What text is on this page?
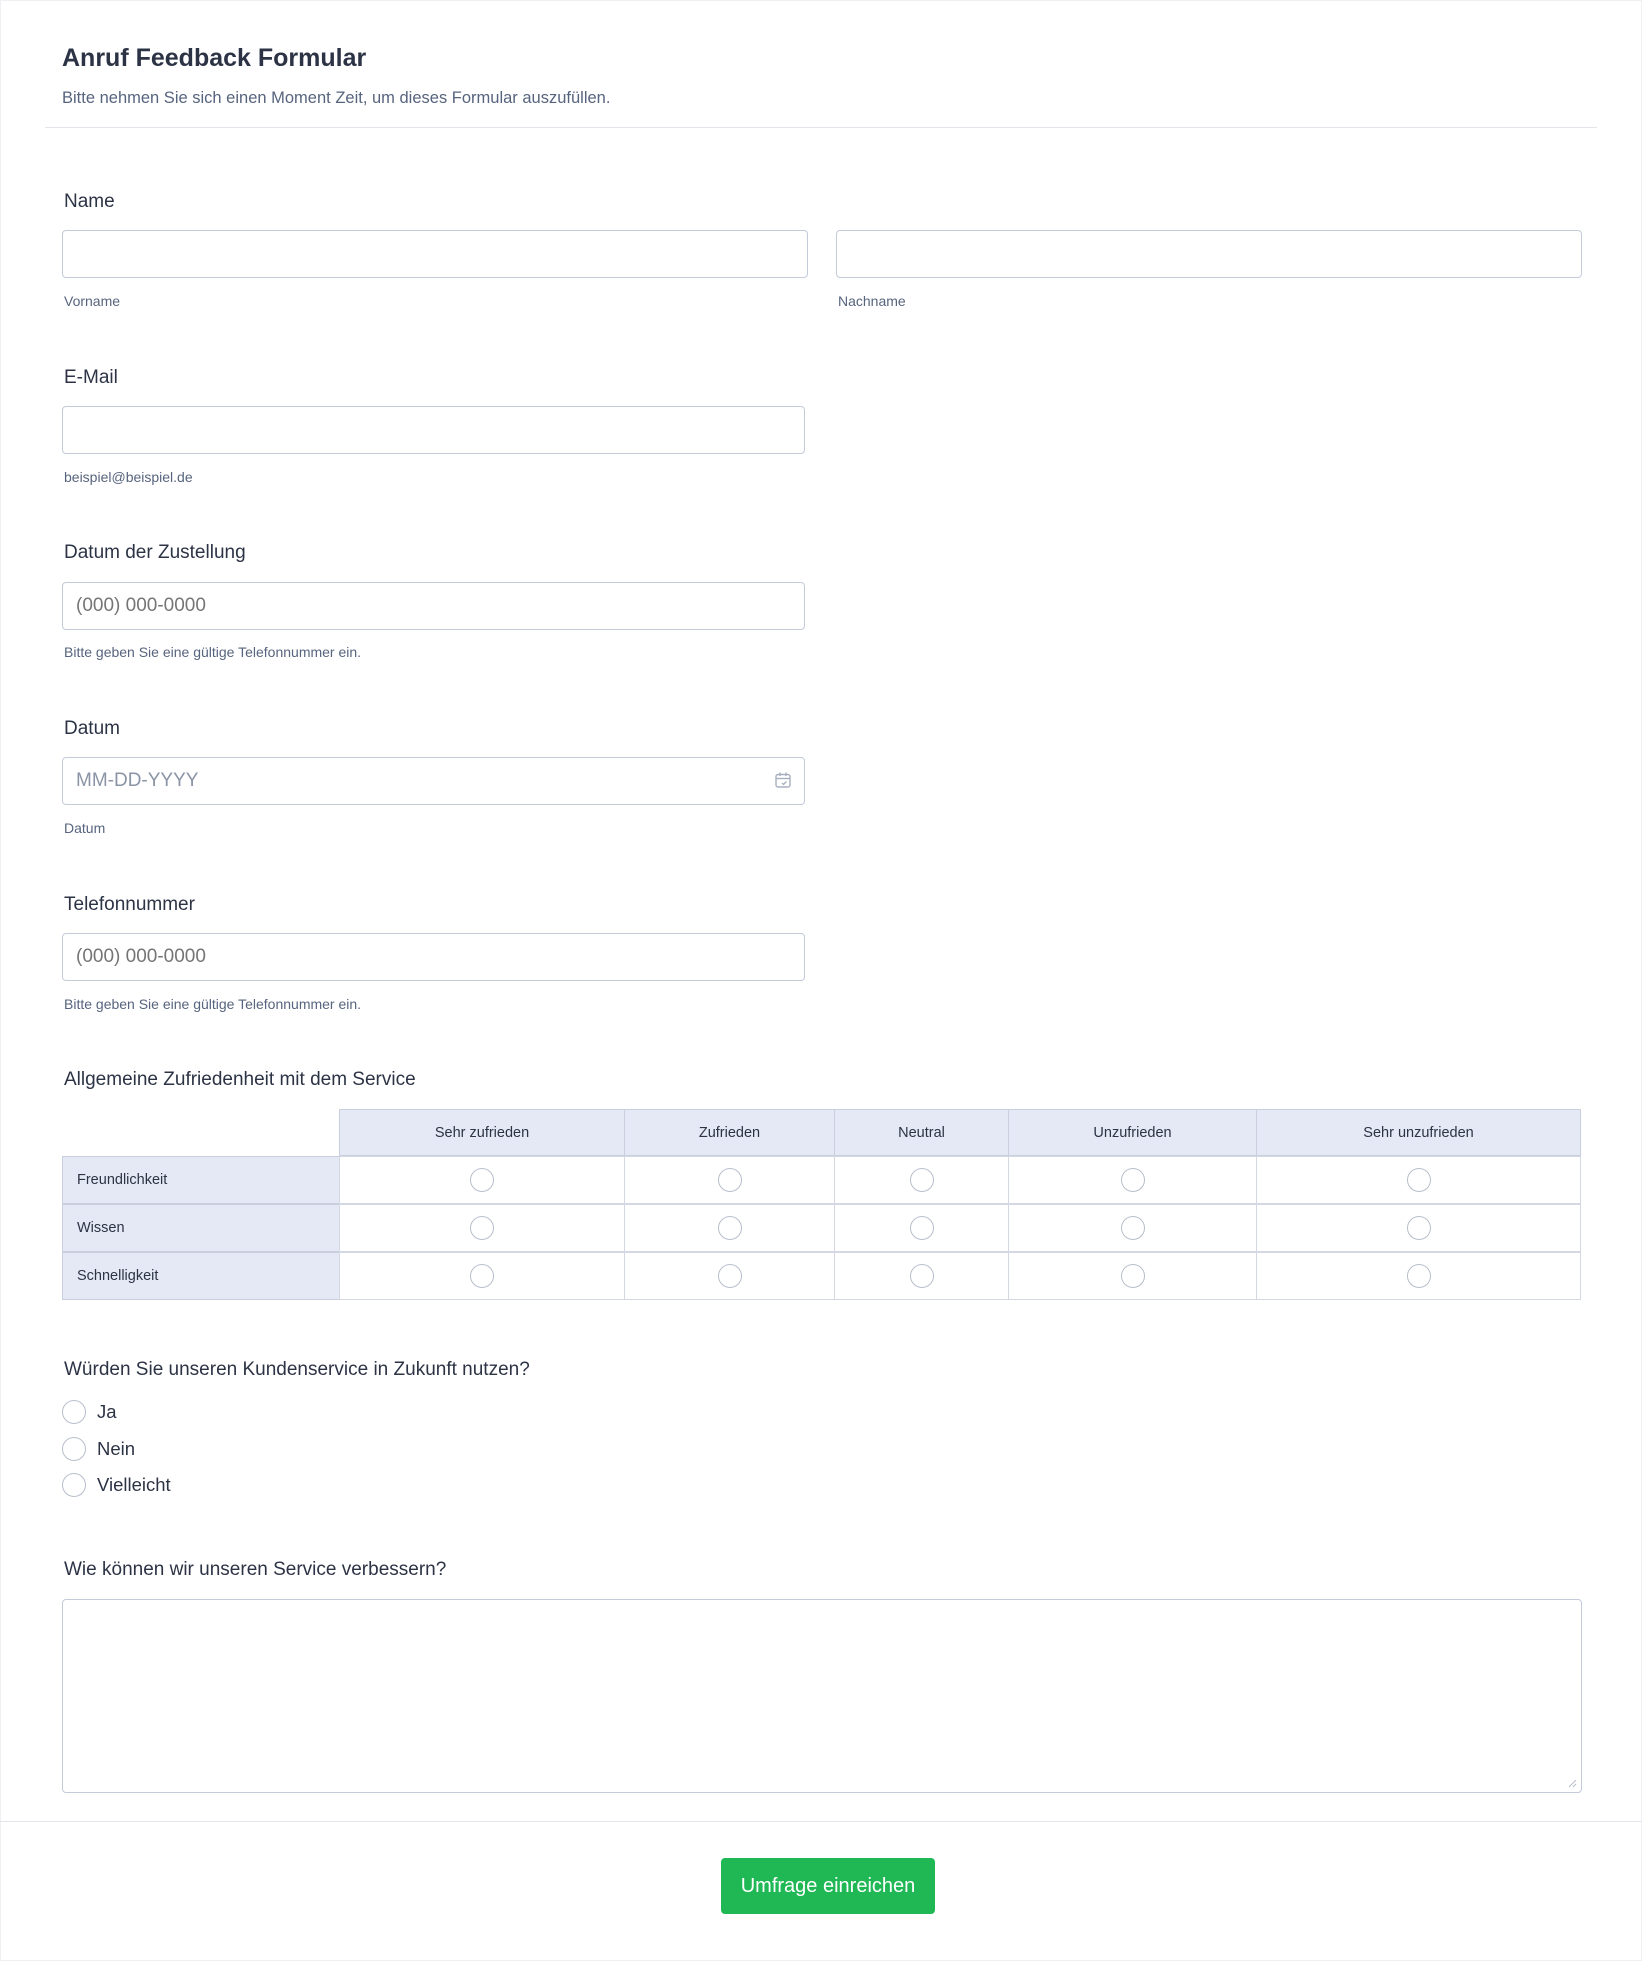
Anruf Feedback Formular
Bitte nehmen Sie sich einen Moment Zeit, um dieses Formular auszufüllen.
Name
Vorname	Nachname
E-Mail
beispiel@beispiel.de
Datum der Zustellung
(000) 000-0000
Bitte geben Sie eine gültige Telefonnummer ein.
Datum
MM-DD-YYYY
Datum
Telefonnummer
(000) 000-0000
Bitte geben Sie eine gültige Telefonnummer ein.
Allgemeine Zufriedenheit mit dem Service
Sehr zufrieden	Zufrieden	Neutral	Unzufrieden	Sehr unzufrieden
Freundlichkeit
Wissen
Schnelligkeit
Würden Sie unseren Kundenservice in Zukunft nutzen?
Ja
Nein
Vielleicht
Wie können wir unseren Service verbessern?
Umfrage einreichen
